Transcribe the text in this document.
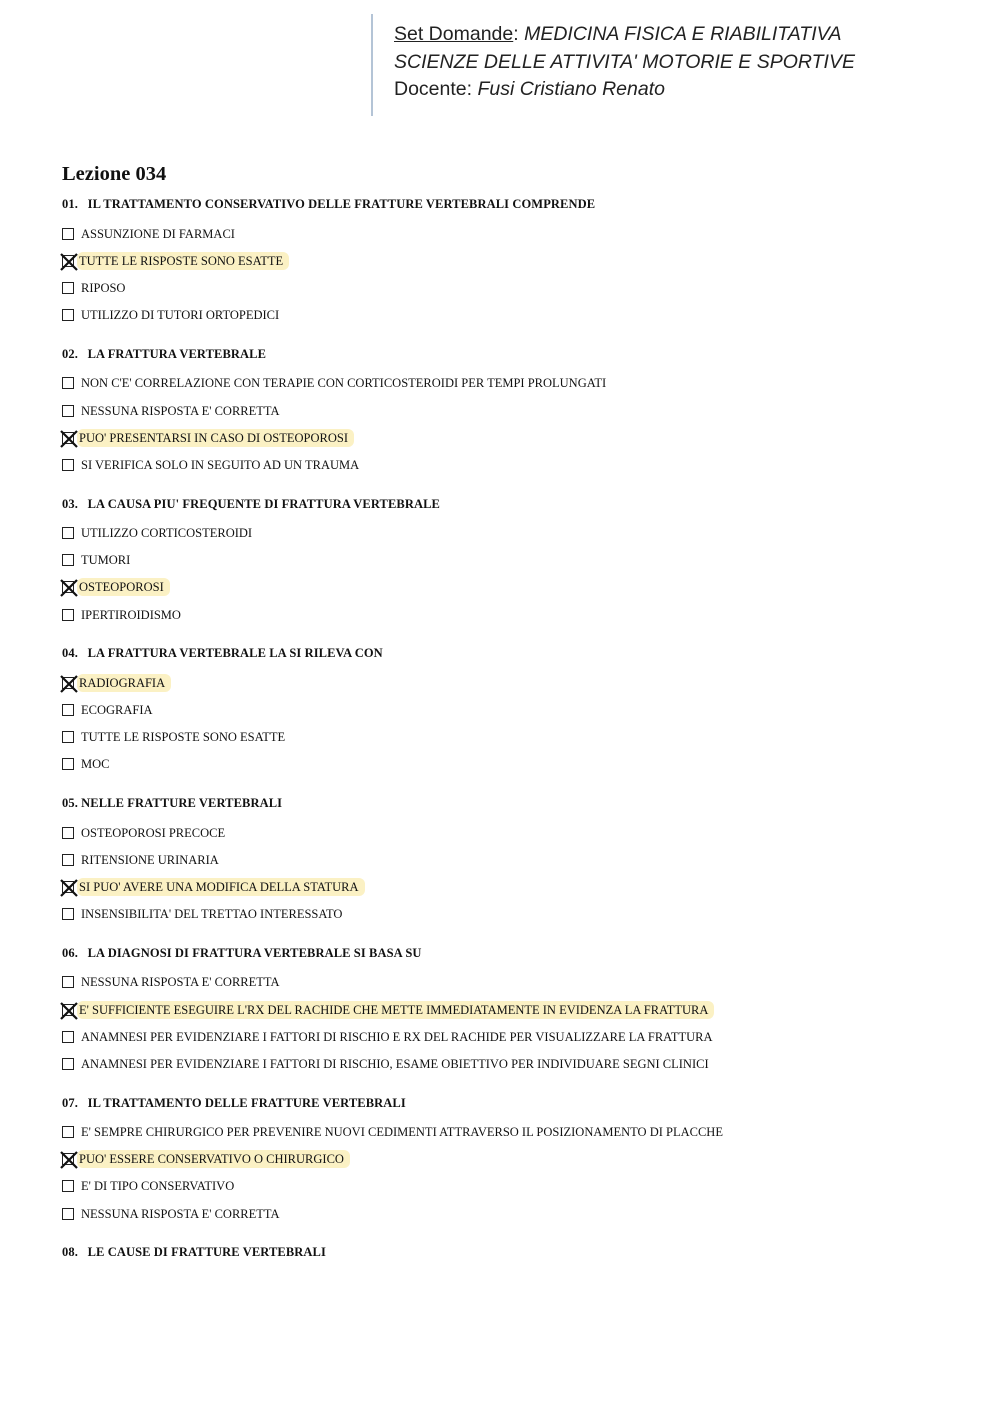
Set Domande: MEDICINA FISICA E RIABILITATIVA
SCIENZE DELLE ATTIVITA' MOTORIE E SPORTIVE
Docente: Fusi Cristiano Renato
Lezione 034
01.   IL TRATTAMENTO CONSERVATIVO DELLE FRATTURE VERTEBRALI COMPRENDE
ASSUNZIONE DI FARMACI
TUTTE LE RISPOSTE SONO ESATTE
RIPOSO
UTILIZZO DI TUTORI ORTOPEDICI
02.   LA FRATTURA VERTEBRALE
NON C'E' CORRELAZIONE CON TERAPIE CON CORTICOSTEROIDI PER TEMPI PROLUNGATI
NESSUNA RISPOSTA E' CORRETTA
PUO' PRESENTARSI IN CASO DI OSTEOPOROSI
SI VERIFICA SOLO IN SEGUITO AD UN TRAUMA
03.   LA CAUSA PIU' FREQUENTE DI FRATTURA VERTEBRALE
UTILIZZO CORTICOSTEROIDI
TUMORI
OSTEOPOROSI
IPERTIROIDISMO
04.   LA FRATTURA VERTEBRALE LA SI RILEVA CON
RADIOGRAFIA
ECOGRAFIA
TUTTE LE RISPOSTE SONO ESATTE
MOC
05. NELLE FRATTURE VERTEBRALI
OSTEOPOROSI PRECOCE
RITENSIONE URINARIA
SI PUO' AVERE UNA MODIFICA DELLA STATURA
INSENSIBILITA' DEL TRETTAO INTERESSATO
06.   LA DIAGNOSI DI FRATTURA VERTEBRALE SI BASA SU
NESSUNA RISPOSTA E' CORRETTA
E' SUFFICIENTE ESEGUIRE L'RX DEL RACHIDE CHE METTE IMMEDIATAMENTE IN EVIDENZA LA FRATTURA
ANAMNESI PER EVIDENZIARE I FATTORI DI RISCHIO E RX DEL RACHIDE PER VISUALIZZARE LA FRATTURA
ANAMNESI PER EVIDENZIARE I FATTORI DI RISCHIO, ESAME OBIETTIVO PER INDIVIDUARE SEGNI CLINICI
07.   IL TRATTAMENTO DELLE FRATTURE VERTEBRALI
E' SEMPRE CHIRURGICO PER PREVENIRE NUOVI CEDIMENTI ATTRAVERSO IL POSIZIONAMENTO DI PLACCHE
PUO' ESSERE CONSERVATIVO O CHIRURGICO
E' DI TIPO CONSERVATIVO
NESSUNA RISPOSTA E' CORRETTA
08.   LE CAUSE DI FRATTURE VERTEBRALI
